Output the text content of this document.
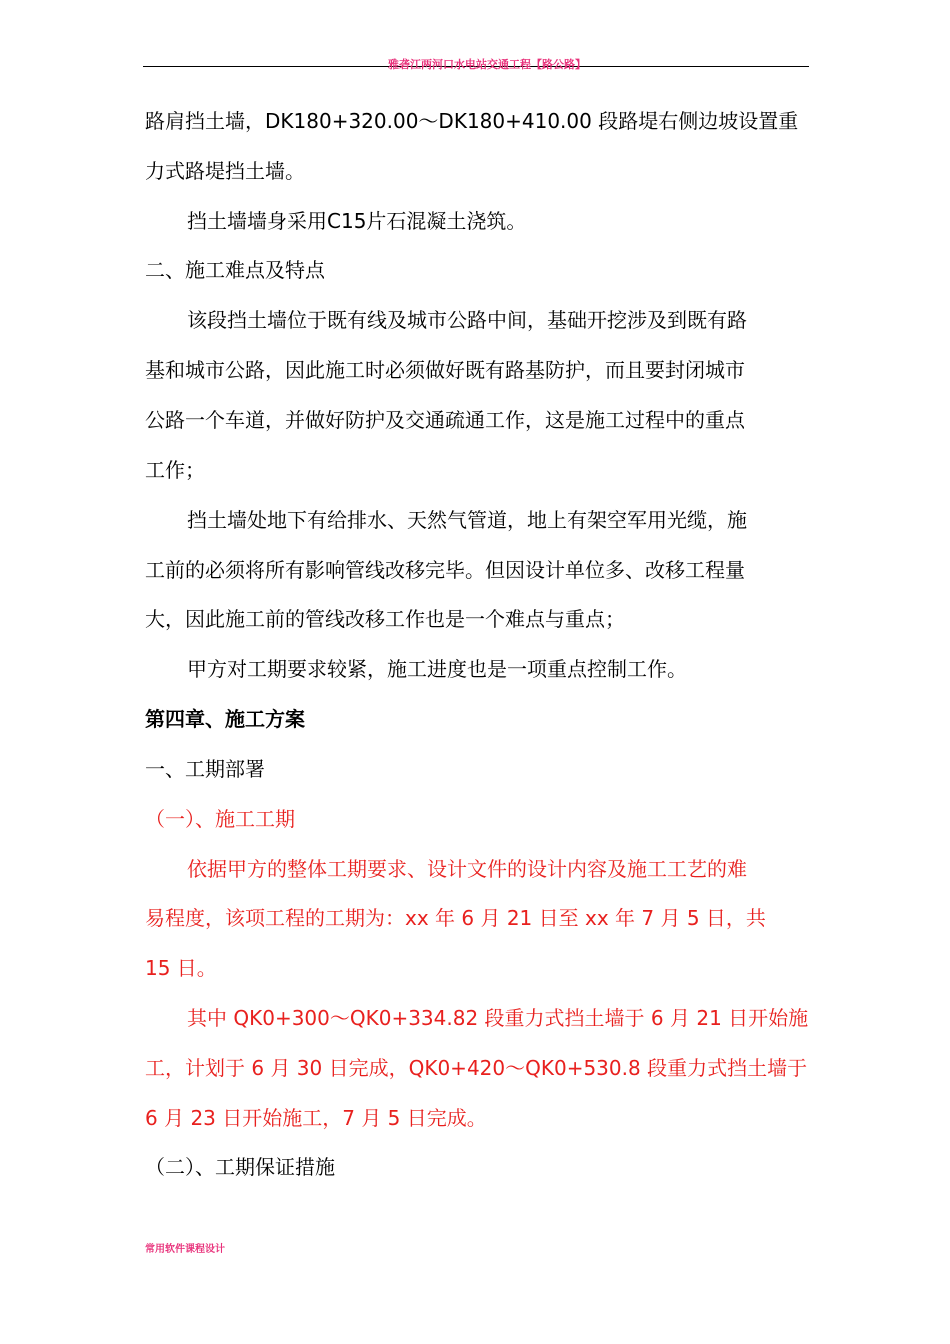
雅砻江两河口水电站交通工程【路公路】
路肩挡土墙，DK180+320.00～DK180+410.00 段路堤右侧边坡设置重
力式路堤挡土墙。
挡土墙墙身采用C15片石混凝土浇筑。
二、施工难点及特点
该段挡土墙位于既有线及城市公路中间，基础开挖涉及到既有路
基和城市公路，因此施工时必须做好既有路基防护，而且要封闭城市
公路一个车道，并做好防护及交通疏通工作，这是施工过程中的重点
工作；
挡土墙处地下有给排水、天然气管道，地上有架空军用光缆，施
工前的必须将所有影响管线改移完毕。但因设计单位多、改移工程量
大，因此施工前的管线改移工作也是一个难点与重点；
甲方对工期要求较紧，施工进度也是一项重点控制工作。
第四章、施工方案
一、工期部署
（一）、施工工期
依据甲方的整体工期要求、设计文件的设计内容及施工工艺的难
易程度，该项工程的工期为：xx 年 6 月 21 日至 xx 年 7 月 5 日，共
15 日。
其中 QK0+300～QK0+334.82 段重力式挡土墙于 6 月 21 日开始施
工，计划于 6 月 30 日完成，QK0+420～QK0+530.8 段重力式挡土墙于
6 月 23 日开始施工，7 月 5 日完成。
（二）、工期保证措施
常用软件课程设计
